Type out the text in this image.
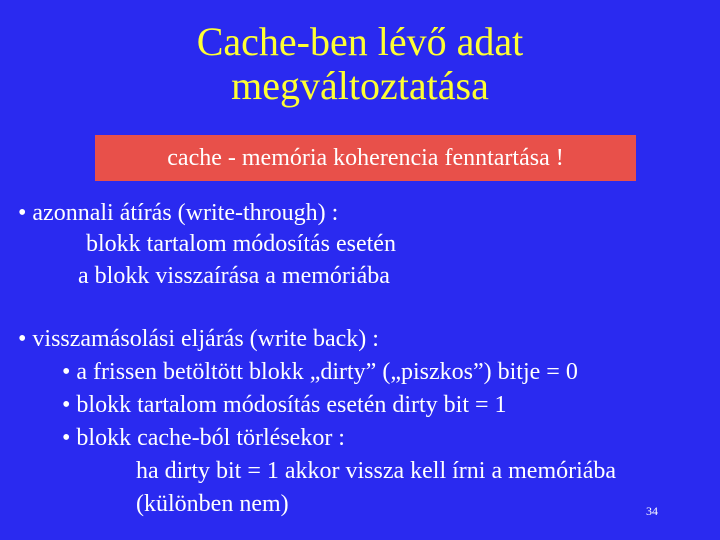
Cache-ben lévő adat
megváltoztatása
cache - memória koherencia fenntartása !
• azonnali átírás (write-through) :
blokk tartalom módosítás esetén
a blokk visszaírása a memóriába
• visszamásolási eljárás (write back) :
• a frissen betöltött blokk „dirty” („piszkos”) bitje = 0
• blokk tartalom módosítás esetén dirty bit = 1
• blokk cache-ból törlésekor :
ha dirty bit = 1 akkor vissza kell írni a memóriába
(különben nem)	34
